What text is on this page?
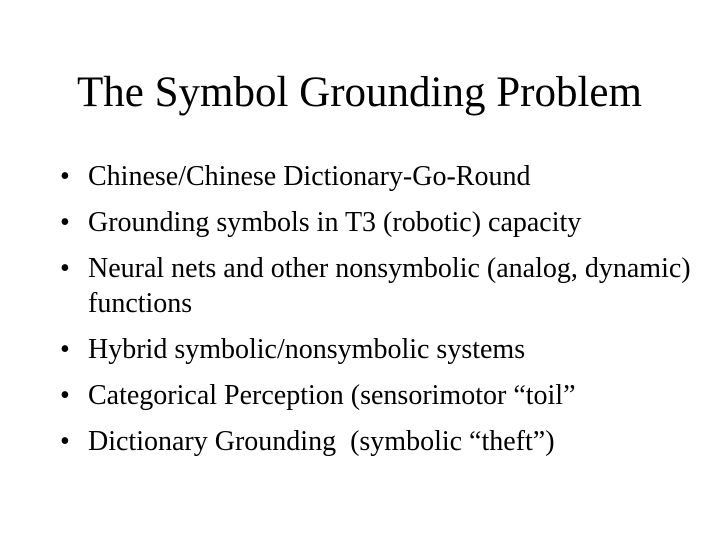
The Symbol Grounding Problem
• Chinese/Chinese Dictionary-Go-Round
• Grounding symbols in T3 (robotic) capacity
• Neural nets and other nonsymbolic (analog, dynamic) functions
• Hybrid symbolic/nonsymbolic systems
• Categorical Perception (sensorimotor “toil”
• Dictionary Grounding  (symbolic “theft”)
